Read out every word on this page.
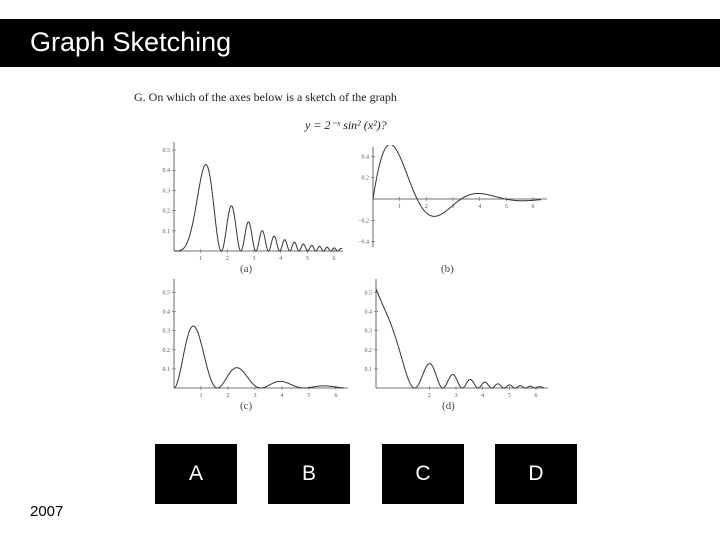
Graph Sketching
G. On which of the axes below is a sketch of the graph
y = 2⁻ˣ sin² (x²)?
0.5
0.4
0.3
0.2
0.1
1	2	3	4	5	6
(a)
0.4
0.2
−0.2
−0.4
1	2	3	4	5	6
(b)
0.5
0.4
0.3
0.2
0.1
1	2	3	4	5	6
(c)
0.5
0.4
0.3
0.2
0.1
2	3	4	5	6
(d)
A	B	C	D
2007
